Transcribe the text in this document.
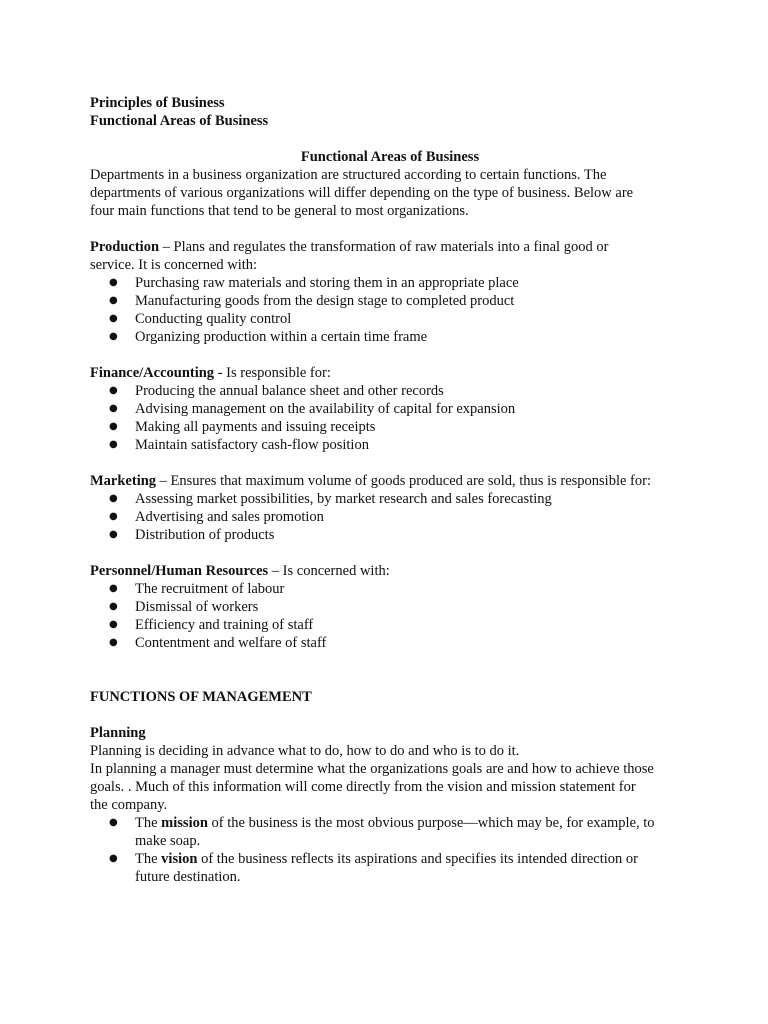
Principles of Business
Functional Areas of Business
Functional Areas of Business
Departments in a business organization are structured according to certain functions. The
departments of various organizations will differ depending on the type of business. Below are
four main functions that tend to be general to most organizations.
Production – Plans and regulates the transformation of raw materials into a final good or
service. It is concerned with:
● Purchasing raw materials and storing them in an appropriate place
● Manufacturing goods from the design stage to completed product
● Conducting quality control
● Organizing production within a certain time frame
Finance/Accounting - Is responsible for:
● Producing the annual balance sheet and other records
● Advising management on the availability of capital for expansion
● Making all payments and issuing receipts
● Maintain satisfactory cash-flow position
Marketing – Ensures that maximum volume of goods produced are sold, thus is responsible for:
● Assessing market possibilities, by market research and sales forecasting
● Advertising and sales promotion
● Distribution of products
Personnel/Human Resources – Is concerned with:
● The recruitment of labour
● Dismissal of workers
● Efficiency and training of staff
● Contentment and welfare of staff
FUNCTIONS OF MANAGEMENT
Planning
Planning is deciding in advance what to do, how to do and who is to do it.
In planning a manager must determine what the organizations goals are and how to achieve those
goals. . Much of this information will come directly from the vision and mission statement for
the company.
● The mission of the business is the most obvious purpose—which may be, for example, to
make soap.
● The vision of the business reflects its aspirations and specifies its intended direction or
future destination.
